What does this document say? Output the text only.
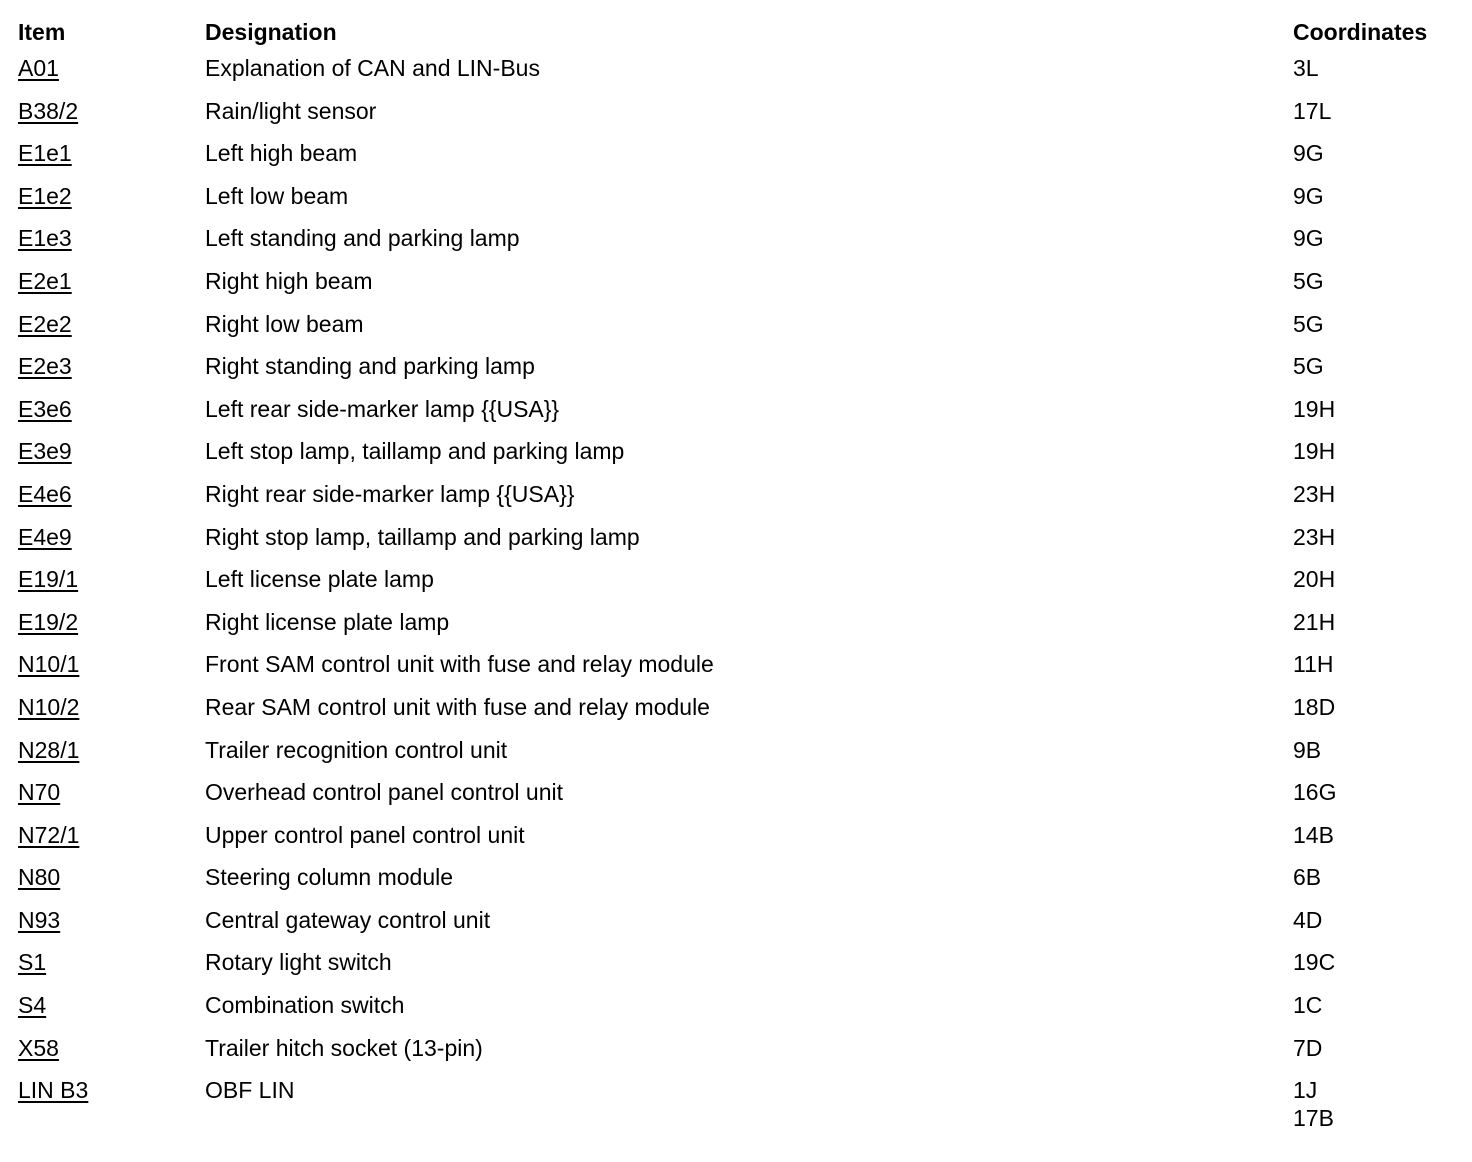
Item	Designation	Coordinates
A01	Explanation of CAN and LIN-Bus	3L
B38/2	Rain/light sensor	17L
E1e1	Left high beam	9G
E1e2	Left low beam	9G
E1e3	Left standing and parking lamp	9G
E2e1	Right high beam	5G
E2e2	Right low beam	5G
E2e3	Right standing and parking lamp	5G
E3e6	Left rear side-marker lamp {{USA}}	19H
E3e9	Left stop lamp, taillamp and parking lamp	19H
E4e6	Right rear side-marker lamp {{USA}}	23H
E4e9	Right stop lamp, taillamp and parking lamp	23H
E19/1	Left license plate lamp	20H
E19/2	Right license plate lamp	21H
N10/1	Front SAM control unit with fuse and relay module	11H
N10/2	Rear SAM control unit with fuse and relay module	18D
N28/1	Trailer recognition control unit	9B
N70	Overhead control panel control unit	16G
N72/1	Upper control panel control unit	14B
N80	Steering column module	6B
N93	Central gateway control unit	4D
S1	Rotary light switch	19C
S4	Combination switch	1C
X58	Trailer hitch socket (13-pin)	7D
LIN B3	OBF LIN	1J
17B
